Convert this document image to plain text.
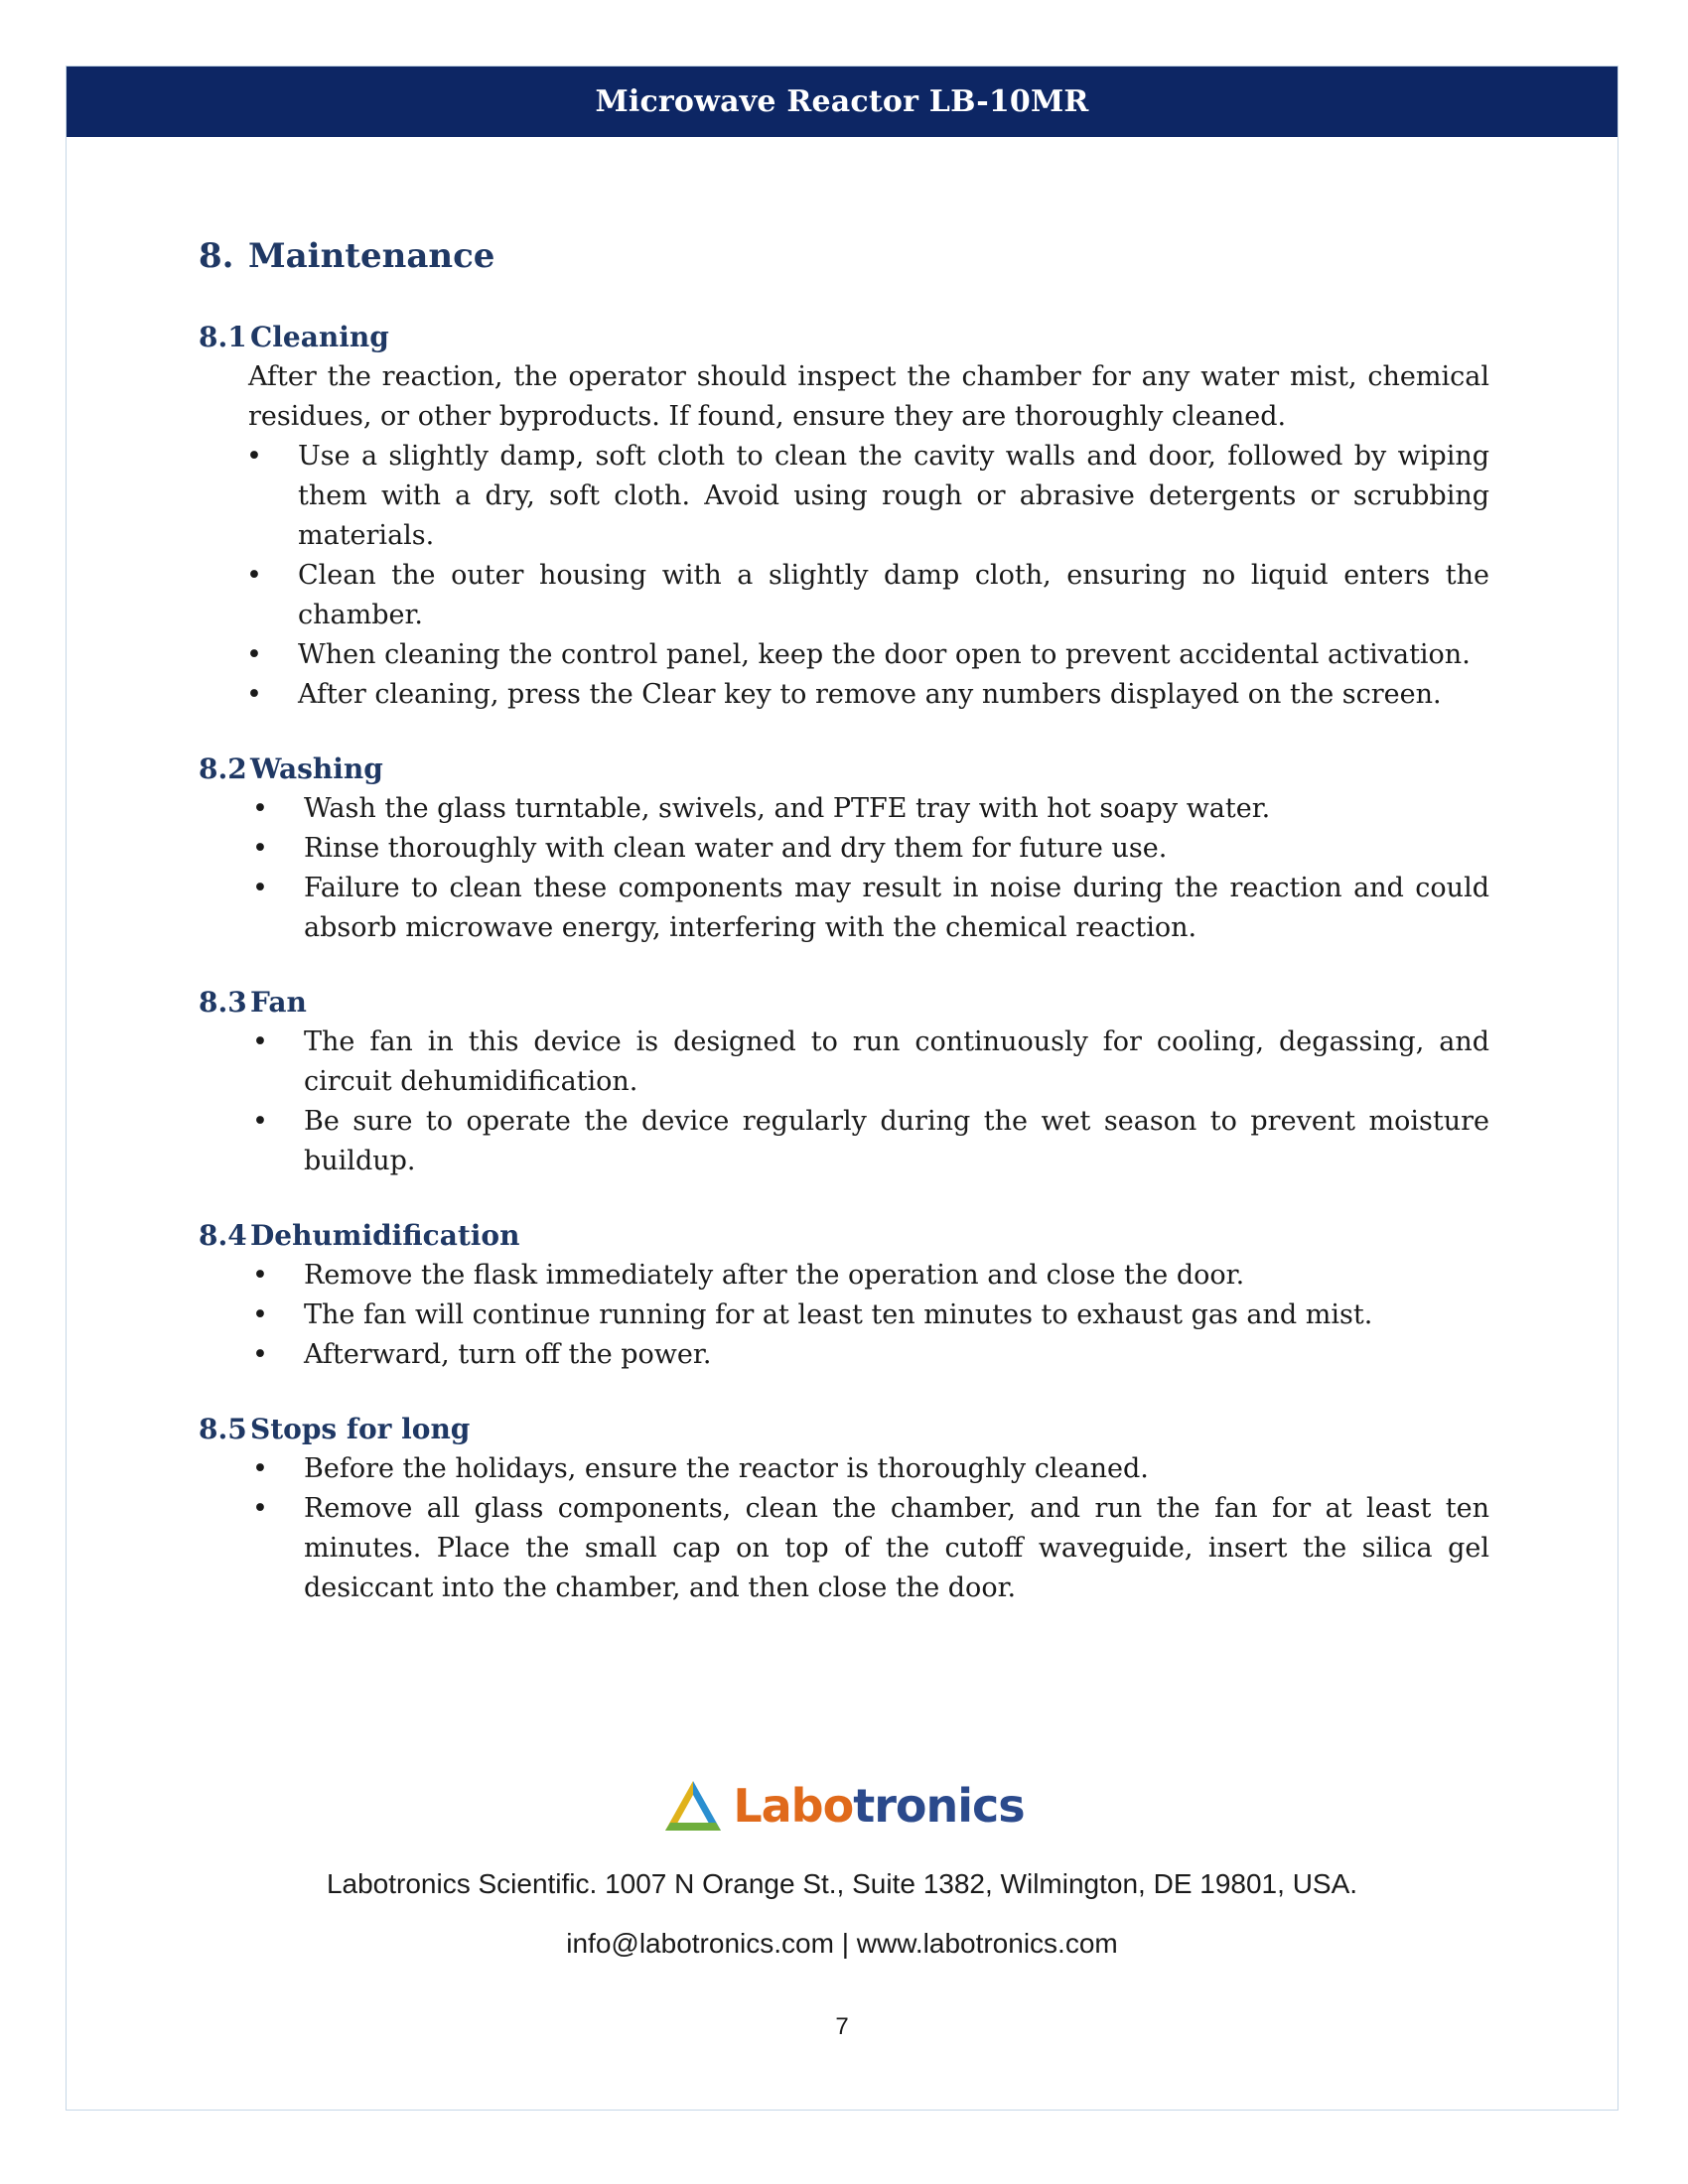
Microwave Reactor LB-10MR
8. Maintenance
8.1 Cleaning
After the reaction, the operator should inspect the chamber for any water mist, chemical residues, or other byproducts. If found, ensure they are thoroughly cleaned.
• Use a slightly damp, soft cloth to clean the cavity walls and door, followed by wiping them with a dry, soft cloth. Avoid using rough or abrasive detergents or scrubbing materials.
• Clean the outer housing with a slightly damp cloth, ensuring no liquid enters the chamber.
• When cleaning the control panel, keep the door open to prevent accidental activation.
• After cleaning, press the Clear key to remove any numbers displayed on the screen.
8.2 Washing
• Wash the glass turntable, swivels, and PTFE tray with hot soapy water.
• Rinse thoroughly with clean water and dry them for future use.
• Failure to clean these components may result in noise during the reaction and could absorb microwave energy, interfering with the chemical reaction.
8.3 Fan
• The fan in this device is designed to run continuously for cooling, degassing, and circuit dehumidification.
• Be sure to operate the device regularly during the wet season to prevent moisture buildup.
8.4 Dehumidification
• Remove the flask immediately after the operation and close the door.
• The fan will continue running for at least ten minutes to exhaust gas and mist.
• Afterward, turn off the power.
8.5 Stops for long
• Before the holidays, ensure the reactor is thoroughly cleaned.
• Remove all glass components, clean the chamber, and run the fan for at least ten minutes. Place the small cap on top of the cutoff waveguide, insert the silica gel desiccant into the chamber, and then close the door.
Labotronics
Labotronics Scientific. 1007 N Orange St., Suite 1382, Wilmington, DE 19801, USA.
info@labotronics.com | www.labotronics.com
7
